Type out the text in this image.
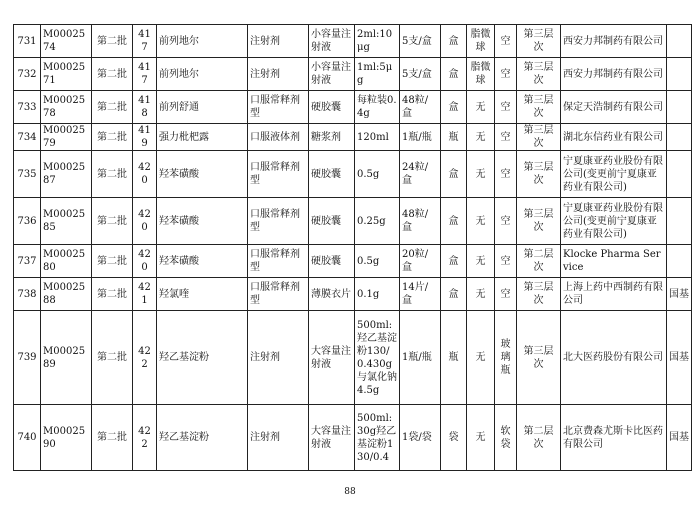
731	M0002574	第二批	417	前列地尔	注射剂	小容量注射液	2ml:10μg	5支/盒	盒	脂微球	空	第三层次	西安力邦制药有限公司	
732	M0002571	第二批	417	前列地尔	注射剂	小容量注射液	1ml:5μg	5支/盒	盒	脂微球	空	第三层次	西安力邦制药有限公司	
733	M0002578	第二批	418	前列舒通	口服常释剂型	硬胶囊	每粒装0.4g	48粒/盒	盒	无	空	第三层次	保定天浩制药有限公司	
734	M0002579	第二批	419	强力枇杷露	口服液体剂	糖浆剂	120ml	1瓶/瓶	瓶	无	空	第三层次	湖北东信药业有限公司	
735	M0002587	第二批	420	羟苯磺酸	口服常释剂型	硬胶囊	0.5g	24粒/盒	盒	无	空	第三层次	宁夏康亚药业股份有限公司(变更前宁夏康亚药业有限公司)	
736	M0002585	第二批	420	羟苯磺酸	口服常释剂型	硬胶囊	0.25g	48粒/盒	盒	无	空	第三层次	宁夏康亚药业股份有限公司(变更前宁夏康亚药业有限公司)	
737	M0002580	第二批	420	羟苯磺酸	口服常释剂型	硬胶囊	0.5g	20粒/盒	盒	无	空	第二层次	Klocke Pharma Service	
738	M0002588	第二批	421	羟氯喹	口服常释剂型	薄膜衣片	0.1g	14片/盒	盒	无	空	第三层次	上海上药中西制药有限公司	国基
739	M0002589	第二批	422	羟乙基淀粉	注射剂	大容量注射液	500ml:羟乙基淀粉130/0.430g与氯化钠4.5g	1瓶/瓶	瓶	无	玻璃瓶	第三层次	北大医药股份有限公司	国基
740	M0002590	第二批	422	羟乙基淀粉	注射剂	大容量注射液	500ml:30g羟乙基淀粉130/0.4	1袋/袋	袋	无	软袋	第二层次	北京费森尤斯卡比医药有限公司	国基
88
